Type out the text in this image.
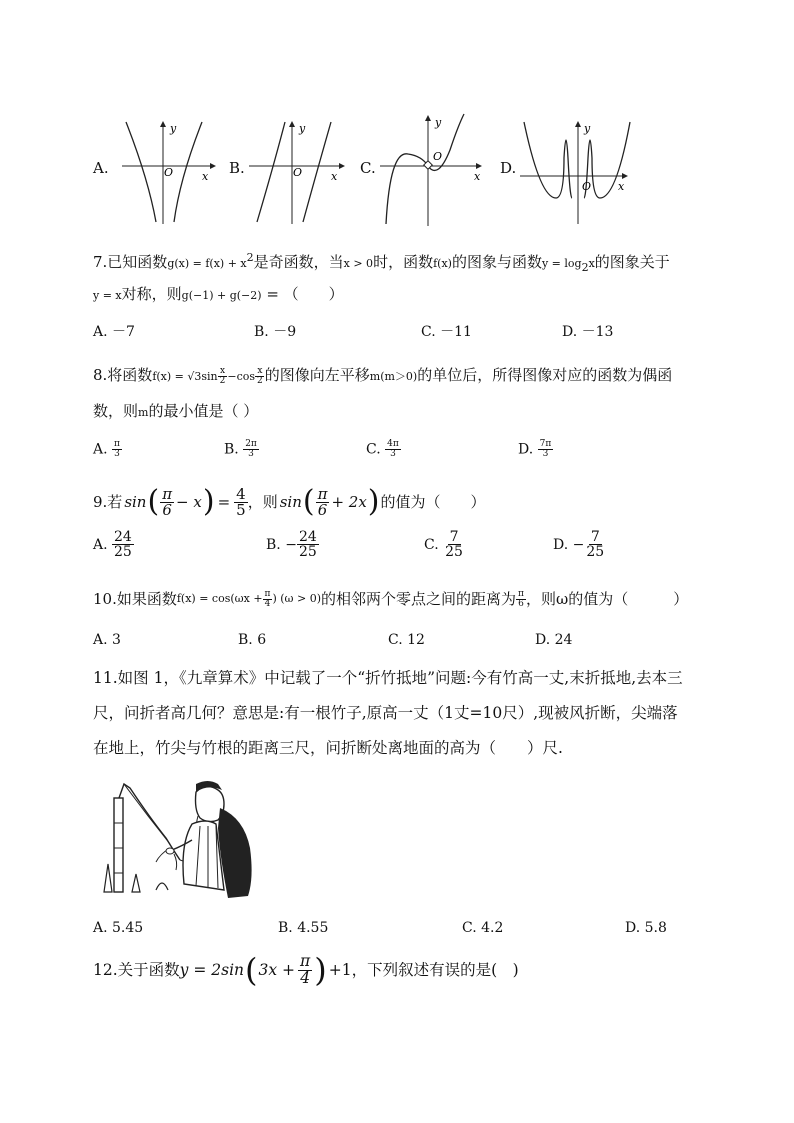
A.
y
x
O	B.
y
x
O	C.
y
x
O
D.
y
x
O
7.已知函数$g(x) = f(x) + x^2$是奇函数，当x > 0时，函数f(x)的图象与函数$y = \log_2x$的图象关于
y = x对称，则g(−1) + g(−2) = （　　）
A. －7	B. －9	C. －11	D. －13
8.将函数$f(x) = √3\sin \frac{x}{2} -\cos \frac{x}{2}$ 的图像向左平移m(m＞0)的单位后，所得图像对应的函数为偶函
数，则m的最小值是（ ）
A. $\frac{\pi}{3}$	B. $\frac{2\pi}{3}$	C. $\frac{4\pi}{3}$	D. $\frac{7\pi}{3}$
9.若 sin ( $\frac{\pi}{6} - x$ ) = $\frac{4}{5}$ ，则 sin ( $\frac{\pi}{6} + 2x$ ) 的值为（　　）
A.
$\frac{24}{25}$	B.
− $\frac{24}{25}$	C.
$\frac{7}{25}$	D.
− $\frac{7}{25}$
10.如果函数 $f(x) = \cos(\omega x + \frac{\pi}{4}$ ) (ω > 0) 的相邻两个零点之间的距离为 $\frac{\pi}{6}$ ，则ω的值为（　　　）
A. 3	B. 6	C. 12	D. 24
11.如图 1，《九章算术》中记载了一个“折竹抵地”问题:今有竹高一丈,末折抵地,去本三
尺，问折者高几何？意思是:有一根竹子,原高一丈（1丈=10尺）,现被风折断，尖端落
在地上，竹尖与竹根的距离三尺，问折断处离地面的高为（　　）尺.
A. 5.45	B. 4.55	C. 4.2	D. 5.8
12.关于函数 y = 2sin ( $3x + \frac{\pi}{4}$ ) +1 ，下列叙述有误的是(　)
